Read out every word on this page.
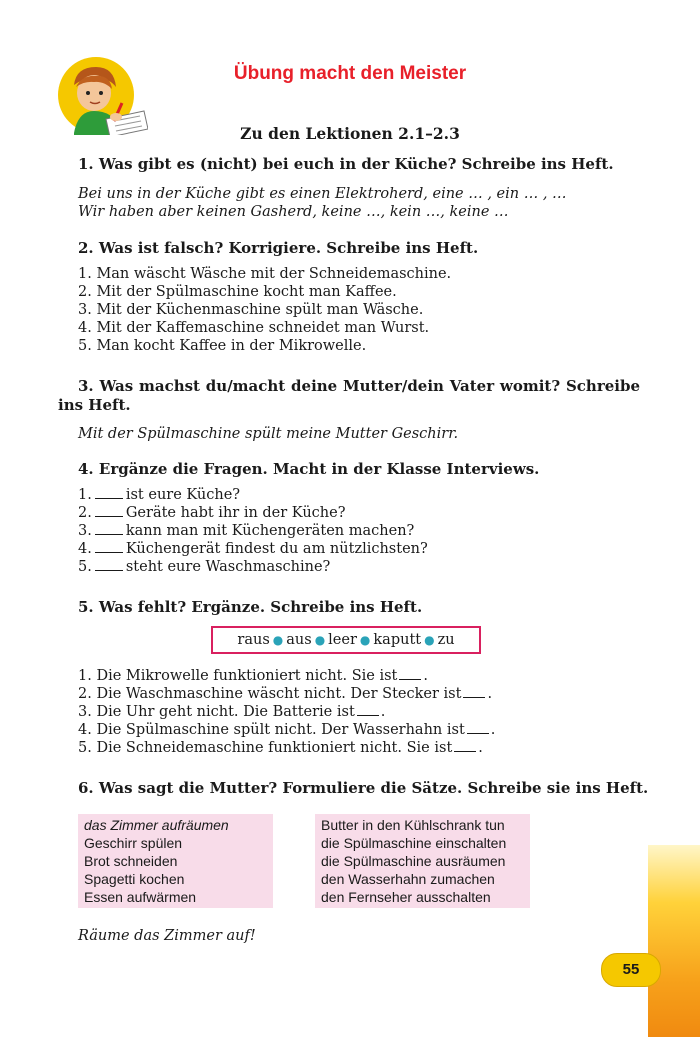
Übung macht den Meister
Zu den Lektionen 2.1–2.3
1. Was gibt es (nicht) bei euch in der Küche? Schreibe ins Heft.
Bei uns in der Küche gibt es einen Elektroherd, eine … , ein … , …
Wir haben aber keinen Gasherd, keine …, kein …, keine …
2. Was ist falsch? Korrigiere. Schreibe ins Heft.
1. Man wäscht Wäsche mit der Schneidemaschine.
2. Mit der Spülmaschine kocht man Kaffee.
3. Mit der Küchenmaschine spült man Wäsche.
4. Mit der Kaffemaschine schneidet man Wurst.
5. Man kocht Kaffee in der Mikrowelle.
3. Was machst du/macht deine Mutter/dein Vater womit? Schreibe
ins Heft.
Mit der Spülmaschine spült meine Mutter Geschirr.
4. Ergänze die Fragen. Macht in der Klasse Interviews.
1. ist eure Küche?
2. Geräte habt ihr in der Küche?
3. kann man mit Küchengeräten machen?
4. Küchengerät findest du am nützlichsten?
5. steht eure Waschmaschine?
5. Was fehlt? Ergänze. Schreibe ins Heft.
raus ● aus ● leer ● kaputt ● zu
1. Die Mikrowelle funktioniert nicht. Sie ist .
2. Die Waschmaschine wäscht nicht. Der Stecker ist .
3. Die Uhr geht nicht. Die Batterie ist .
4. Die Spülmaschine spült nicht. Der Wasserhahn ist .
5. Die Schneidemaschine funktioniert nicht. Sie ist .
6. Was sagt die Mutter? Formuliere die Sätze. Schreibe sie ins Heft.
das Zimmer aufräumen
Geschirr spülen
Brot schneiden
Spagetti kochen
Essen aufwärmen
Butter in den Kühlschrank tun
die Spülmaschine einschalten
die Spülmaschine ausräumen
den Wasserhahn zumachen
den Fernseher ausschalten
Räume das Zimmer auf!
55
